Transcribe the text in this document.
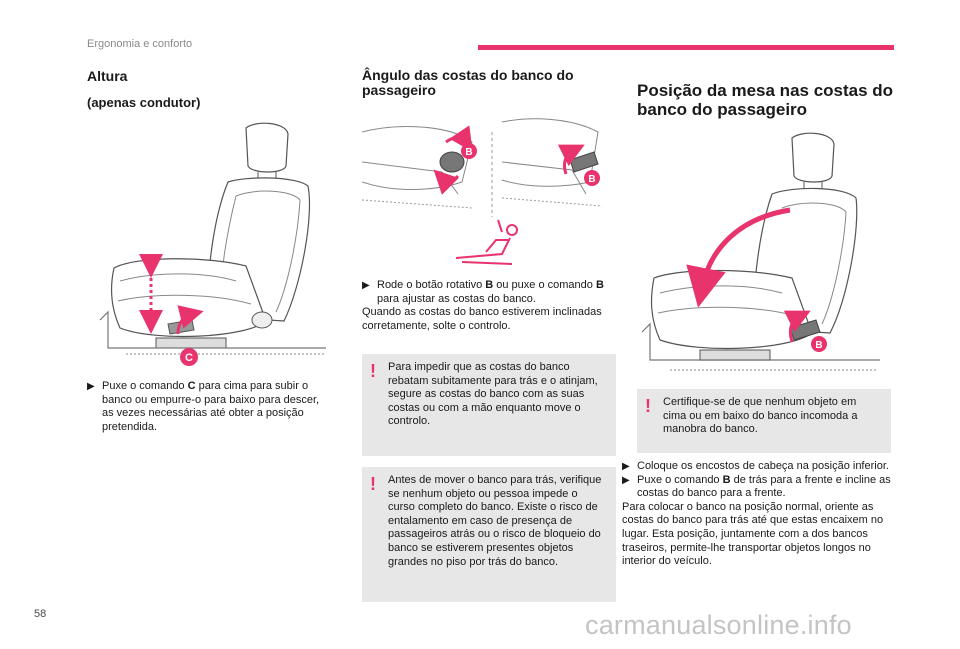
Ergonomia e conforto
Altura
(apenas condutor)
C
▶ Puxe o comando C para cima para subir o banco ou empurre-o para baixo para descer, as vezes necessárias até obter a posição pretendida.
Ângulo das costas do banco do passageiro
B
B
▶ Rode o botão rotativo B ou puxe o comando B para ajustar as costas do banco.
Quando as costas do banco estiverem inclinadas corretamente, solte o controlo.
! Para impedir que as costas do banco rebatam subitamente para trás e o atinjam, segure as costas do banco com as suas costas ou com a mão enquanto move o controlo.
! Antes de mover o banco para trás, verifique se nenhum objeto ou pessoa impede o curso completo do banco. Existe o risco de entalamento em caso de presença de passageiros atrás ou o risco de bloqueio do banco se estiverem presentes objetos grandes no piso por trás do banco.
Posição da mesa nas costas do banco do passageiro
B
! Certifique-se de que nenhum objeto em cima ou em baixo do banco incomoda a manobra do banco.
▶ Coloque os encostos de cabeça na posição inferior.
▶ Puxe o comando B de trás para a frente e incline as costas do banco para a frente.
Para colocar o banco na posição normal, oriente as costas do banco para trás até que estas encaixem no lugar. Esta posição, juntamente com a dos bancos traseiros, permite-lhe transportar objetos longos no interior do veículo.
58	carmanualsonline.info
